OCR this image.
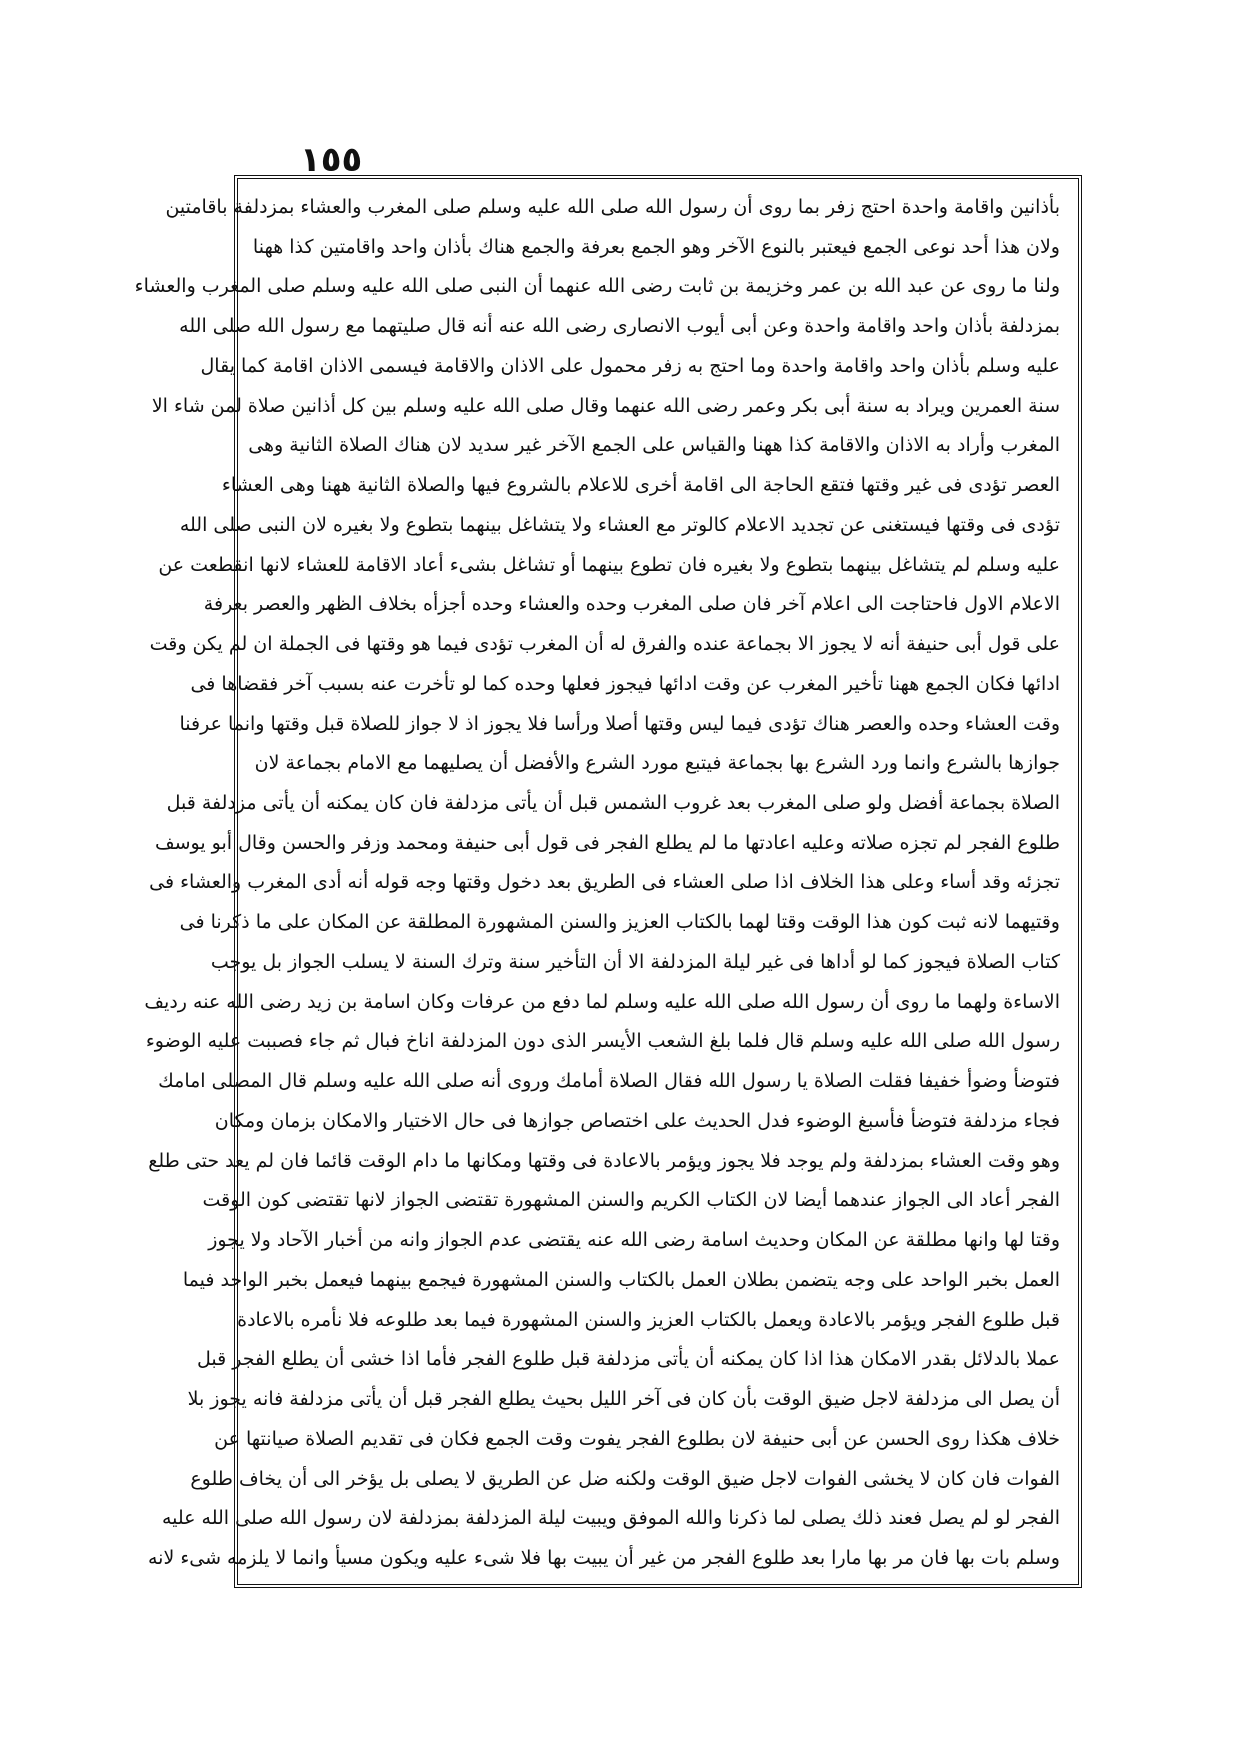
١٥٥
بأذانين واقامة واحدة احتج زفر بما روى أن رسول الله صلى الله عليه وسلم صلى المغرب والعشاء بمزدلفة باقامتين
ولان هذا أحد نوعى الجمع فيعتبر بالنوع الآخر وهو الجمع بعرفة والجمع هناك بأذان واحد واقامتين كذا ههنا
ولنا ما روى عن عبد الله بن عمر وخزيمة بن ثابت رضى الله عنهما أن النبى صلى الله عليه وسلم صلى المغرب والعشاء
بمزدلفة بأذان واحد واقامة واحدة وعن أبى أيوب الانصارى رضى الله عنه أنه قال صليتهما مع رسول الله صلى الله
عليه وسلم بأذان واحد واقامة واحدة وما احتج به زفر محمول على الاذان والاقامة فيسمى الاذان اقامة كما يقال
سنة العمرين ويراد به سنة أبى بكر وعمر رضى الله عنهما وقال صلى الله عليه وسلم بين كل أذانين صلاة لمن شاء الا
المغرب وأراد به الاذان والاقامة كذا ههنا والقياس على الجمع الآخر غير سديد لان هناك الصلاة الثانية وهى
العصر تؤدى فى غير وقتها فتقع الحاجة الى اقامة أخرى للاعلام بالشروع فيها والصلاة الثانية ههنا وهى العشاء
تؤدى فى وقتها فيستغنى عن تجديد الاعلام كالوتر مع العشاء ولا يتشاغل بينهما بتطوع ولا بغيره لان النبى صلى الله
عليه وسلم لم يتشاغل بينهما بتطوع ولا بغيره فان تطوع بينهما أو تشاغل بشىء أعاد الاقامة للعشاء لانها انقطعت عن
الاعلام الاول فاحتاجت الى اعلام آخر فان صلى المغرب وحده والعشاء وحده أجزأه بخلاف الظهر والعصر بعرفة
على قول أبى حنيفة أنه لا يجوز الا بجماعة عنده والفرق له أن المغرب تؤدى فيما هو وقتها فى الجملة ان لم يكن وقت
ادائها فكان الجمع ههنا تأخير المغرب عن وقت ادائها فيجوز فعلها وحده كما لو تأخرت عنه بسبب آخر فقضاها فى
وقت العشاء وحده والعصر هناك تؤدى فيما ليس وقتها أصلا ورأسا فلا يجوز اذ لا جواز للصلاة قبل وقتها وانما عرفنا
جوازها بالشرع وانما ورد الشرع بها بجماعة فيتبع مورد الشرع والأفضل أن يصليهما مع الامام بجماعة لان
الصلاة بجماعة أفضل ولو صلى المغرب بعد غروب الشمس قبل أن يأتى مزدلفة فان كان يمكنه أن يأتى مزدلفة قبل
طلوع الفجر لم تجزه صلاته وعليه اعادتها ما لم يطلع الفجر فى قول أبى حنيفة ومحمد وزفر والحسن وقال أبو يوسف
تجزئه وقد أساء وعلى هذا الخلاف اذا صلى العشاء فى الطريق بعد دخول وقتها وجه قوله أنه أدى المغرب والعشاء فى
وقتيهما لانه ثبت كون هذا الوقت وقتا لهما بالكتاب العزيز والسنن المشهورة المطلقة عن المكان على ما ذكرنا فى
كتاب الصلاة فيجوز كما لو أداها فى غير ليلة المزدلفة الا أن التأخير سنة وترك السنة لا يسلب الجواز بل يوجب
الاساءة ولهما ما روى أن رسول الله صلى الله عليه وسلم لما دفع من عرفات وكان اسامة بن زيد رضى الله عنه رديف
رسول الله صلى الله عليه وسلم قال فلما بلغ الشعب الأيسر الذى دون المزدلفة اناخ فبال ثم جاء فصببت عليه الوضوء
فتوضأ وضوأ خفيفا فقلت الصلاة يا رسول الله فقال الصلاة أمامك وروى أنه صلى الله عليه وسلم قال المصلى امامك
فجاء مزدلفة فتوضأ فأسبغ الوضوء فدل الحديث على اختصاص جوازها فى حال الاختيار والامكان بزمان ومكان
وهو وقت العشاء بمزدلفة ولم يوجد فلا يجوز ويؤمر بالاعادة فى وقتها ومكانها ما دام الوقت قائما فان لم يعد حتى طلع
الفجر أعاد الى الجواز عندهما أيضا لان الكتاب الكريم والسنن المشهورة تقتضى الجواز لانها تقتضى كون الوقت
وقتا لها وانها مطلقة عن المكان وحديث اسامة رضى الله عنه يقتضى عدم الجواز وانه من أخبار الآحاد ولا يجوز
العمل بخبر الواحد على وجه يتضمن بطلان العمل بالكتاب والسنن المشهورة فيجمع بينهما فيعمل بخبر الواحد فيما
قبل طلوع الفجر ويؤمر بالاعادة ويعمل بالكتاب العزيز والسنن المشهورة فيما بعد طلوعه فلا نأمره بالاعادة
عملا بالدلائل بقدر الامكان هذا اذا كان يمكنه أن يأتى مزدلفة قبل طلوع الفجر فأما اذا خشى أن يطلع الفجر قبل
أن يصل الى مزدلفة لاجل ضيق الوقت بأن كان فى آخر الليل بحيث يطلع الفجر قبل أن يأتى مزدلفة فانه يجوز بلا
خلاف هكذا روى الحسن عن أبى حنيفة لان بطلوع الفجر يفوت وقت الجمع فكان فى تقديم الصلاة صيانتها عن
الفوات فان كان لا يخشى الفوات لاجل ضيق الوقت ولكنه ضل عن الطريق لا يصلى بل يؤخر الى أن يخاف طلوع
الفجر لو لم يصل فعند ذلك يصلى لما ذكرنا والله الموفق ويبيت ليلة المزدلفة بمزدلفة لان رسول الله صلى الله عليه
وسلم بات بها فان مر بها مارا بعد طلوع الفجر من غير أن يبيت بها فلا شىء عليه ويكون مسيأ وانما لا يلزمه شىء لانه
